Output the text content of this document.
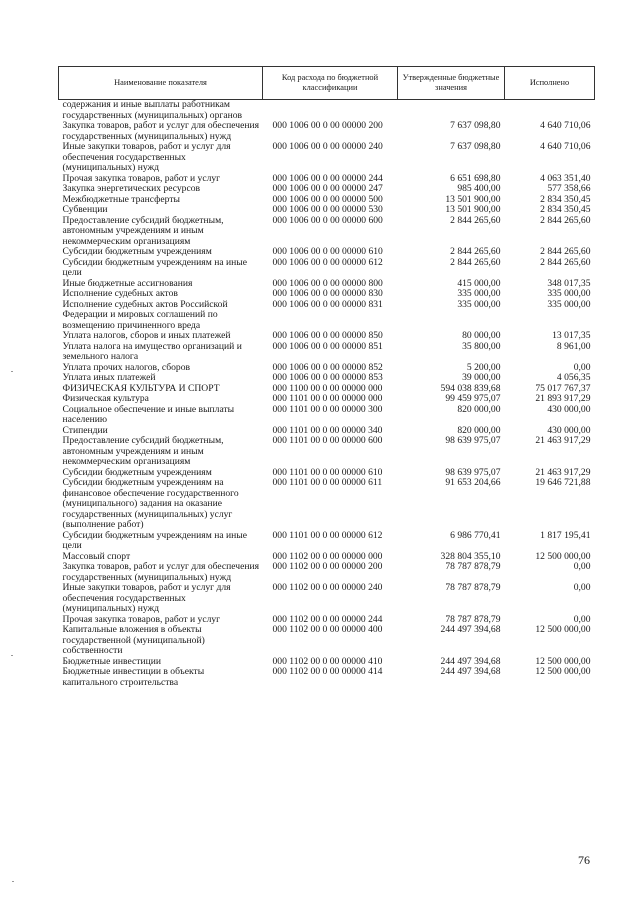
Наименование показателя	Код расхода по бюджетной классификации	Утвержденные бюджетные значения	Исполнено
содержания и иные выплаты работникам государственных (муниципальных) органов			
Закупка товаров, работ и услуг для обеспечения государственных (муниципальных) нужд	000 1006 00 0 00 00000 200	7 637 098,80	4 640 710,06
Иные закупки товаров, работ и услуг для обеспечения государственных (муниципальных) нужд	000 1006 00 0 00 00000 240	7 637 098,80	4 640 710,06
Прочая закупка товаров, работ и услуг	000 1006 00 0 00 00000 244	6 651 698,80	4 063 351,40
Закупка энергетических ресурсов	000 1006 00 0 00 00000 247	985 400,00	577 358,66
Межбюджетные трансферты	000 1006 00 0 00 00000 500	13 501 900,00	2 834 350,45
Субвенции	000 1006 00 0 00 00000 530	13 501 900,00	2 834 350,45
Предоставление субсидий бюджетным, автономным учреждениям и иным некоммерческим организациям	000 1006 00 0 00 00000 600	2 844 265,60	2 844 265,60
Субсидии бюджетным учреждениям	000 1006 00 0 00 00000 610	2 844 265,60	2 844 265,60
Субсидии бюджетным учреждениям на иные цели	000 1006 00 0 00 00000 612	2 844 265,60	2 844 265,60
Иные бюджетные ассигнования	000 1006 00 0 00 00000 800	415 000,00	348 017,35
Исполнение судебных актов	000 1006 00 0 00 00000 830	335 000,00	335 000,00
Исполнение судебных актов Российской Федерации и мировых соглашений по возмещению причиненного вреда	000 1006 00 0 00 00000 831	335 000,00	335 000,00
Уплата налогов, сборов и иных платежей	000 1006 00 0 00 00000 850	80 000,00	13 017,35
Уплата налога на имущество организаций и земельного налога	000 1006 00 0 00 00000 851	35 800,00	8 961,00
Уплата прочих налогов, сборов	000 1006 00 0 00 00000 852	5 200,00	0,00
Уплата иных платежей	000 1006 00 0 00 00000 853	39 000,00	4 056,35
ФИЗИЧЕСКАЯ КУЛЬТУРА И СПОРТ	000 1100 00 0 00 00000 000	594 038 839,68	75 017 767,37
Физическая культура	000 1101 00 0 00 00000 000	99 459 975,07	21 893 917,29
Социальное обеспечение и иные выплаты населению	000 1101 00 0 00 00000 300	820 000,00	430 000,00
Стипендии	000 1101 00 0 00 00000 340	820 000,00	430 000,00
Предоставление субсидий бюджетным, автономным учреждениям и иным некоммерческим организациям	000 1101 00 0 00 00000 600	98 639 975,07	21 463 917,29
Субсидии бюджетным учреждениям	000 1101 00 0 00 00000 610	98 639 975,07	21 463 917,29
Субсидии бюджетным учреждениям на финансовое обеспечение государственного (муниципального) задания на оказание государственных (муниципальных) услуг (выполнение работ)	000 1101 00 0 00 00000 611	91 653 204,66	19 646 721,88
Субсидии бюджетным учреждениям на иные цели	000 1101 00 0 00 00000 612	6 986 770,41	1 817 195,41
Массовый спорт	000 1102 00 0 00 00000 000	328 804 355,10	12 500 000,00
Закупка товаров, работ и услуг для обеспечения государственных (муниципальных) нужд	000 1102 00 0 00 00000 200	78 787 878,79	0,00
Иные закупки товаров, работ и услуг для обеспечения государственных (муниципальных) нужд	000 1102 00 0 00 00000 240	78 787 878,79	0,00
Прочая закупка товаров, работ и услуг	000 1102 00 0 00 00000 244	78 787 878,79	0,00
Капитальные вложения в объекты государственной (муниципальной) собственности	000 1102 00 0 00 00000 400	244 497 394,68	12 500 000,00
Бюджетные инвестиции	000 1102 00 0 00 00000 410	244 497 394,68	12 500 000,00
Бюджетные инвестиции в объекты капитального строительства	000 1102 00 0 00 00000 414	244 497 394,68	12 500 000,00
76
